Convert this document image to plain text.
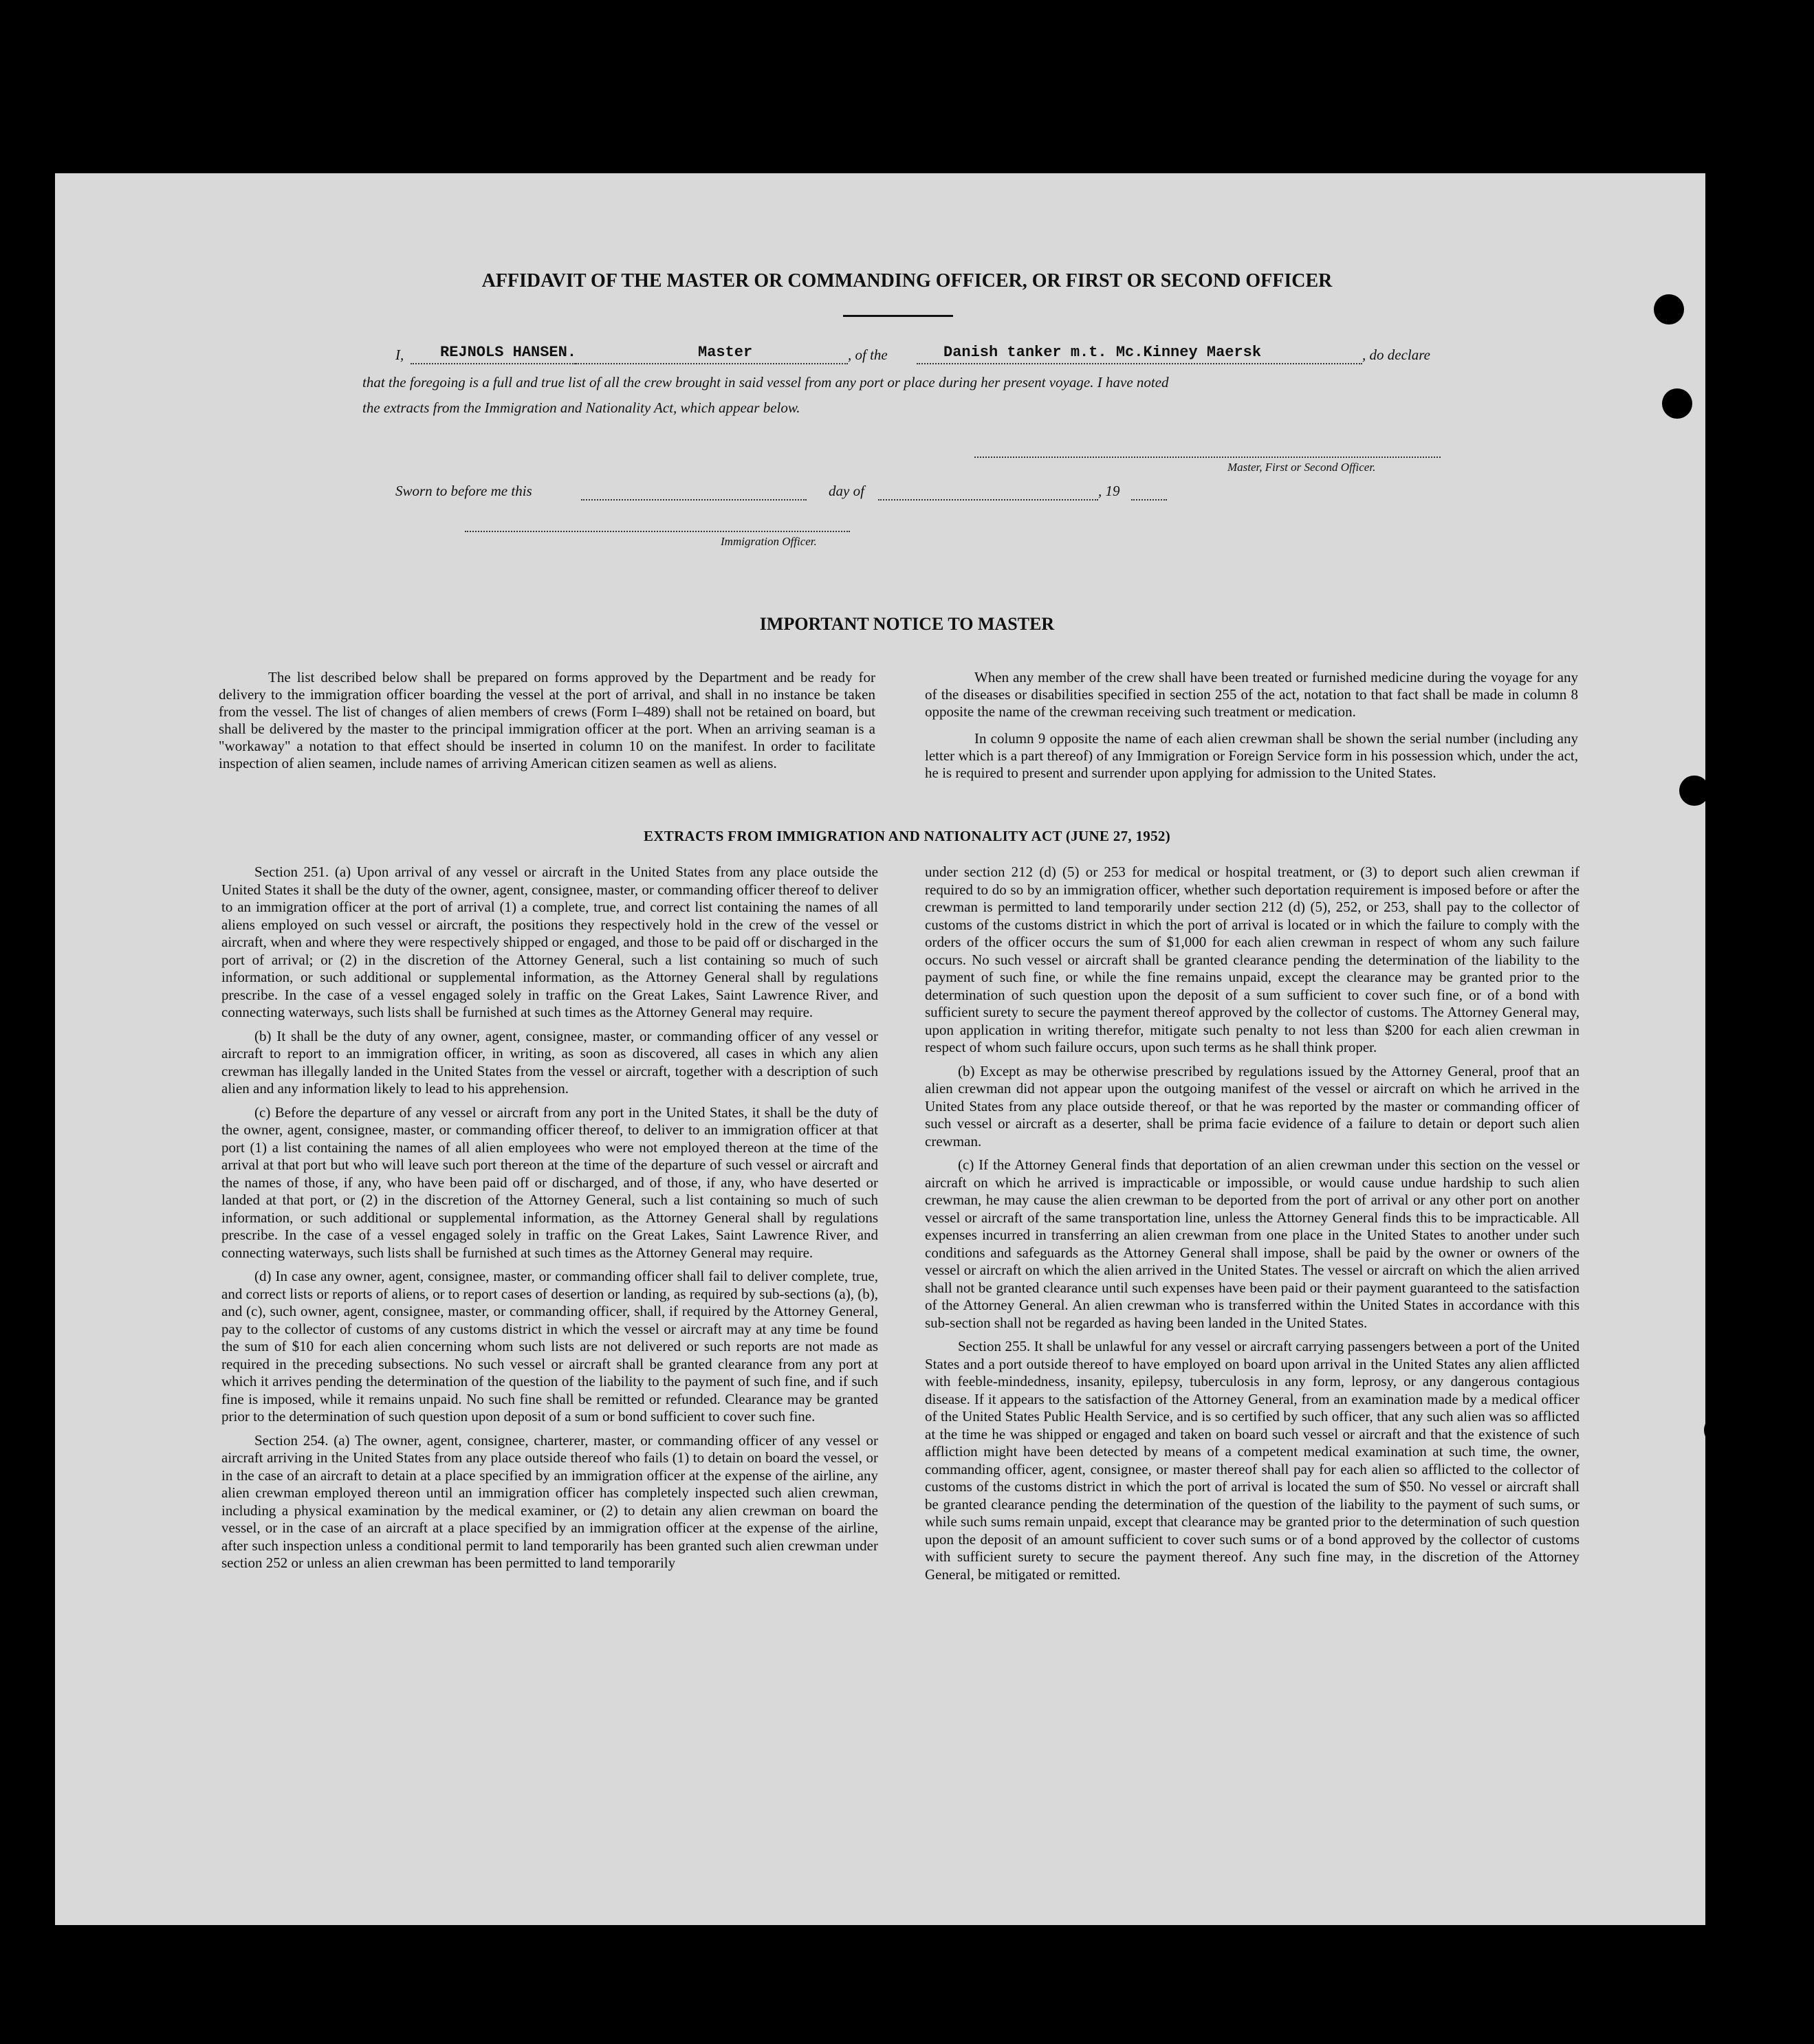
AFFIDAVIT OF THE MASTER OR COMMANDING OFFICER, OR FIRST OR SECOND OFFICER
I, REJNOLS HANSEN.	Master	, of the	Danish tanker m.t. Mc.Kinney Maersk	, do declare
that the foregoing is a full and true list of all the crew brought in said vessel from any port or place during her present voyage. I have noted
the extracts from the Immigration and Nationality Act, which appear below.
Master, First or Second Officer.
Sworn to before me this	day of	, 19
Immigration Officer.
IMPORTANT NOTICE TO MASTER

The list described below shall be prepared on forms approved by the Department and be ready for delivery to the immigration officer boarding the vessel at the port of arrival, and shall in no instance be taken from the vessel. The list of changes of alien members of crews (Form I–489) shall not be retained on board, but shall be delivered by the master to the principal immigration officer at the port. When an arriving seaman is a "workaway" a notation to that effect should be inserted in column 10 on the manifest. In order to facilitate inspection of alien seamen, include names of arriving American citizen seamen as well as aliens.

When any member of the crew shall have been treated or furnished medicine during the voyage for any of the diseases or disabilities specified in section 255 of the act, notation to that fact shall be made in column 8 opposite the name of the crewman receiving such treatment or medication.

In column 9 opposite the name of each alien crewman shall be shown the serial number (including any letter which is a part thereof) of any Immigration or Foreign Service form in his possession which, under the act, he is required to present and surrender upon applying for admission to the United States.

EXTRACTS FROM IMMIGRATION AND NATIONALITY ACT (JUNE 27, 1952)

Section 251. (a) Upon arrival of any vessel or aircraft in the United States from any place outside the United States it shall be the duty of the owner, agent, consignee, master, or commanding officer thereof to deliver to an immigration officer at the port of arrival (1) a complete, true, and correct list containing the names of all aliens employed on such vessel or aircraft, the positions they respectively hold in the crew of the vessel or aircraft, when and where they were respectively shipped or engaged, and those to be paid off or discharged in the port of arrival; or (2) in the discretion of the Attorney General, such a list containing so much of such information, or such additional or supplemental information, as the Attorney General shall by regulations prescribe. In the case of a vessel engaged solely in traffic on the Great Lakes, Saint Lawrence River, and connecting waterways, such lists shall be furnished at such times as the Attorney General may require.

(b) It shall be the duty of any owner, agent, consignee, master, or commanding officer of any vessel or aircraft to report to an immigration officer, in writing, as soon as discovered, all cases in which any alien crewman has illegally landed in the United States from the vessel or aircraft, together with a description of such alien and any information likely to lead to his apprehension.

(c) Before the departure of any vessel or aircraft from any port in the United States, it shall be the duty of the owner, agent, consignee, master, or commanding officer thereof, to deliver to an immigration officer at that port (1) a list containing the names of all alien employees who were not employed thereon at the time of the arrival at that port but who will leave such port thereon at the time of the departure of such vessel or aircraft and the names of those, if any, who have been paid off or discharged, and of those, if any, who have deserted or landed at that port, or (2) in the discretion of the Attorney General, such a list containing so much of such information, or such additional or supplemental information, as the Attorney General shall by regulations prescribe. In the case of a vessel engaged solely in traffic on the Great Lakes, Saint Lawrence River, and connecting waterways, such lists shall be furnished at such times as the Attorney General may require.

(d) In case any owner, agent, consignee, master, or commanding officer shall fail to deliver complete, true, and correct lists or reports of aliens, or to report cases of desertion or landing, as required by sub-sections (a), (b), and (c), such owner, agent, consignee, master, or commanding officer, shall, if required by the Attorney General, pay to the collector of customs of any customs district in which the vessel or aircraft may at any time be found the sum of $10 for each alien concerning whom such lists are not delivered or such reports are not made as required in the preceding subsections. No such vessel or aircraft shall be granted clearance from any port at which it arrives pending the determination of the question of the liability to the payment of such fine, and if such fine is imposed, while it remains unpaid. No such fine shall be remitted or refunded. Clearance may be granted prior to the determination of such question upon deposit of a sum or bond sufficient to cover such fine.

Section 254. (a) The owner, agent, consignee, charterer, master, or commanding officer of any vessel or aircraft arriving in the United States from any place outside thereof who fails (1) to detain on board the vessel, or in the case of an aircraft to detain at a place specified by an immigration officer at the expense of the airline, any alien crewman employed thereon until an immigration officer has completely inspected such alien crewman, including a physical examination by the medical examiner, or (2) to detain any alien crewman on board the vessel, or in the case of an aircraft at a place specified by an immigration officer at the expense of the airline, after such inspection unless a conditional permit to land temporarily has been granted such alien crewman under section 252 or unless an alien crewman has been permitted to land temporarily

under section 212 (d) (5) or 253 for medical or hospital treatment, or (3) to deport such alien crewman if required to do so by an immigration officer, whether such deportation requirement is imposed before or after the crewman is permitted to land temporarily under section 212 (d) (5), 252, or 253, shall pay to the collector of customs of the customs district in which the port of arrival is located or in which the failure to comply with the orders of the officer occurs the sum of $1,000 for each alien crewman in respect of whom any such failure occurs. No such vessel or aircraft shall be granted clearance pending the determination of the liability to the payment of such fine, or while the fine remains unpaid, except the clearance may be granted prior to the determination of such question upon the deposit of a sum sufficient to cover such fine, or of a bond with sufficient surety to secure the payment thereof approved by the collector of customs. The Attorney General may, upon application in writing therefor, mitigate such penalty to not less than $200 for each alien crewman in respect of whom such failure occurs, upon such terms as he shall think proper.

(b) Except as may be otherwise prescribed by regulations issued by the Attorney General, proof that an alien crewman did not appear upon the outgoing manifest of the vessel or aircraft on which he arrived in the United States from any place outside thereof, or that he was reported by the master or commanding officer of such vessel or aircraft as a deserter, shall be prima facie evidence of a failure to detain or deport such alien crewman.

(c) If the Attorney General finds that deportation of an alien crewman under this section on the vessel or aircraft on which he arrived is impracticable or impossible, or would cause undue hardship to such alien crewman, he may cause the alien crewman to be deported from the port of arrival or any other port on another vessel or aircraft of the same transportation line, unless the Attorney General finds this to be impracticable. All expenses incurred in transferring an alien crewman from one place in the United States to another under such conditions and safeguards as the Attorney General shall impose, shall be paid by the owner or owners of the vessel or aircraft on which the alien arrived in the United States. The vessel or aircraft on which the alien arrived shall not be granted clearance until such expenses have been paid or their payment guaranteed to the satisfaction of the Attorney General. An alien crewman who is transferred within the United States in accordance with this sub-section shall not be regarded as having been landed in the United States.

Section 255. It shall be unlawful for any vessel or aircraft carrying passengers between a port of the United States and a port outside thereof to have employed on board upon arrival in the United States any alien afflicted with feeble-mindedness, insanity, epilepsy, tuberculosis in any form, leprosy, or any dangerous contagious disease. If it appears to the satisfaction of the Attorney General, from an examination made by a medical officer of the United States Public Health Service, and is so certified by such officer, that any such alien was so afflicted at the time he was shipped or engaged and taken on board such vessel or aircraft and that the existence of such affliction might have been detected by means of a competent medical examination at such time, the owner, commanding officer, agent, consignee, or master thereof shall pay for each alien so afflicted to the collector of customs of the customs district in which the port of arrival is located the sum of $50. No vessel or aircraft shall be granted clearance pending the determination of the question of the liability to the payment of such sums, or while such sums remain unpaid, except that clearance may be granted prior to the determination of such question upon the deposit of an amount sufficient to cover such sums or of a bond approved by the collector of customs with sufficient surety to secure the payment thereof. Any such fine may, in the discretion of the Attorney General, be mitigated or remitted.
